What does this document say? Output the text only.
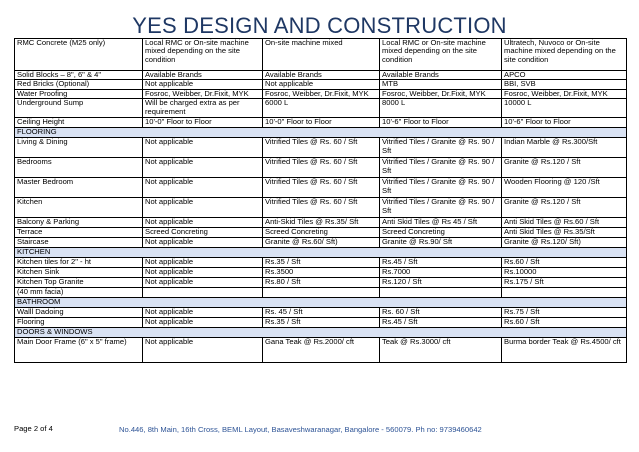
YES DESIGN AND CONSTRUCTION
RMC Concrete (M25 only)	Local RMC or On-site machine mixed depending on the site condition	On-site machine mixed	Local RMC or On-site machine mixed depending on the site condition	Ultratech, Nuvoco or On-site machine mixed depending on the site condition
Solid Blocks – 8", 6" & 4"	Available Brands	Available Brands	Available Brands	APCO
Red Bricks (Optional)	Not applicable	Not applicable	MTB	BBI, SVB
Water Proofing	Fosroc, Weibber, Dr.Fixit, MYK	Fosroc, Weibber, Dr.Fixit, MYK	Fosroc, Weibber, Dr.Fixit, MYK	Fosroc, Weibber, Dr.Fixit, MYK
Underground Sump	Will be charged extra as per requirement	6000 L	8000 L	10000 L
Ceiling Height	10'-0" Floor to Floor	10'-0" Floor to Floor	10'-6" Floor to Floor	10'-6" Floor to Floor
FLOORING				
Living & Dining	Not applicable	Vitrified Tiles @ Rs. 60 / Sft	Vitrified Tiles / Granite @ Rs. 90 / Sft	Indian Marble @ Rs.300/Sft
Bedrooms	Not applicable	Vitrified Tiles @ Rs. 60 / Sft	Vitrified Tiles / Granite @ Rs. 90 / Sft	Granite @ Rs.120 / Sft
Master Bedroom	Not applicable	Vitrified Tiles @ Rs. 60 / Sft	Vitrified Tiles / Granite @ Rs. 90 / Sft	Wooden Flooring @ 120 /Sft
Kitchen	Not applicable	Vitrified Tiles @ Rs. 60 / Sft	Vitrified Tiles / Granite @ Rs. 90 / Sft	Granite @ Rs.120 / Sft
Balcony & Parking	Not applicable	Anti-Skid Tiles @ Rs.35/ Sft	Anti Skid Tiles @ Rs 45 / Sft	Anti Skid Tiles @ Rs.60 / Sft
Terrace	Screed Concreting	Screed Concreting	Screed Concreting	Anti Skid Tiles @ Rs.35/Sft
Staircase	Not applicable	Granite @ Rs.60/ Sft)	Granite @ Rs.90/ Sft	Granite @ Rs.120/ Sft)
KITCHEN				
Kitchen tiles for 2" - ht	Not applicable	Rs.35 / Sft	Rs.45 / Sft	Rs.60 / Sft
Kitchen Sink	Not applicable	Rs.3500	Rs.7000	Rs.10000
Kitchen Top Granite	Not applicable	Rs.80 / Sft	Rs.120 / Sft	Rs.175 / Sft
(40 mm facia)				
BATHROOM				
Walll Dadoing	Not applicable	Rs. 45 / Sft	Rs. 60 / Sft	Rs.75 / Sft
Flooring	Not applicable	Rs.35 / Sft	Rs.45 / Sft	Rs.60 / Sft
DOORS & WINDOWS				
Main Door Frame (6" x 5" frame)	Not applicable	Gana Teak @ Rs.2000/ cft	Teak @ Rs.3000/ cft	Burma border Teak @ Rs.4500/ cft
Page 2 of 4	No.446, 8th Main, 16th Cross, BEML Layout, Basaveshwaranagar, Bangalore - 560079. Ph no: 9739460642
